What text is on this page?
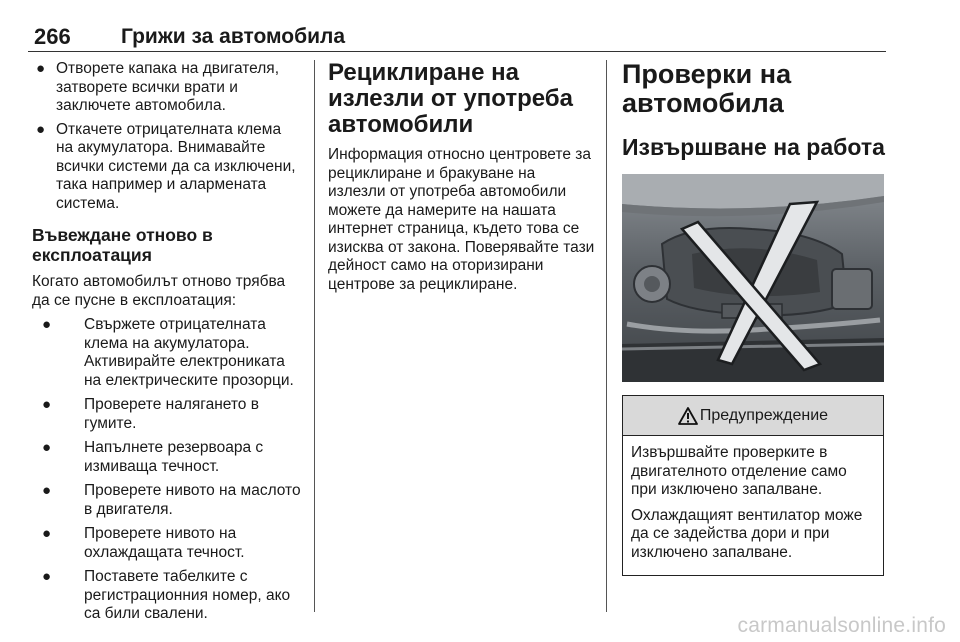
266 Грижи за автомобила
● Отворете капака на двигателя, затворете всички врати и заключете автомобила.
● Откачете отрицателната клема на акумулатора. Внимавайте всички системи да са изключени, така например и алармената система.
Въвеждане отново в експлоатация

Когато автомобилът отново трябва да се пусне в експлоатация:

● Свържете отрицателната клема на акумулатора. Активирайте електрониката на електрическите прозорци.
● Проверете налягането в гумите.
● Напълнете резервоара с измиваща течност.
● Проверете нивото на маслото в двигателя.
● Проверете нивото на охлаждащата течност.
● Поставете табелките с регистрационния номер, ако са били свалени.
Рециклиране на излезли от употреба автомобили

Информация относно центровете за рециклиране и бракуване на излезли от употреба автомобили можете да намерите на нашата интернет страница, където това се изисква от закона. Поверявайте тази дейност само на оторизирани центрове за рециклиране.

Проверки на автомобила
Извършване на работа
Предупреждение

Извършвайте проверките в двигателното отделение само при изключено запалване.

Охлаждащият вентилатор може да се задейства дори и при изключено запалване.

carmanualsonline.info
